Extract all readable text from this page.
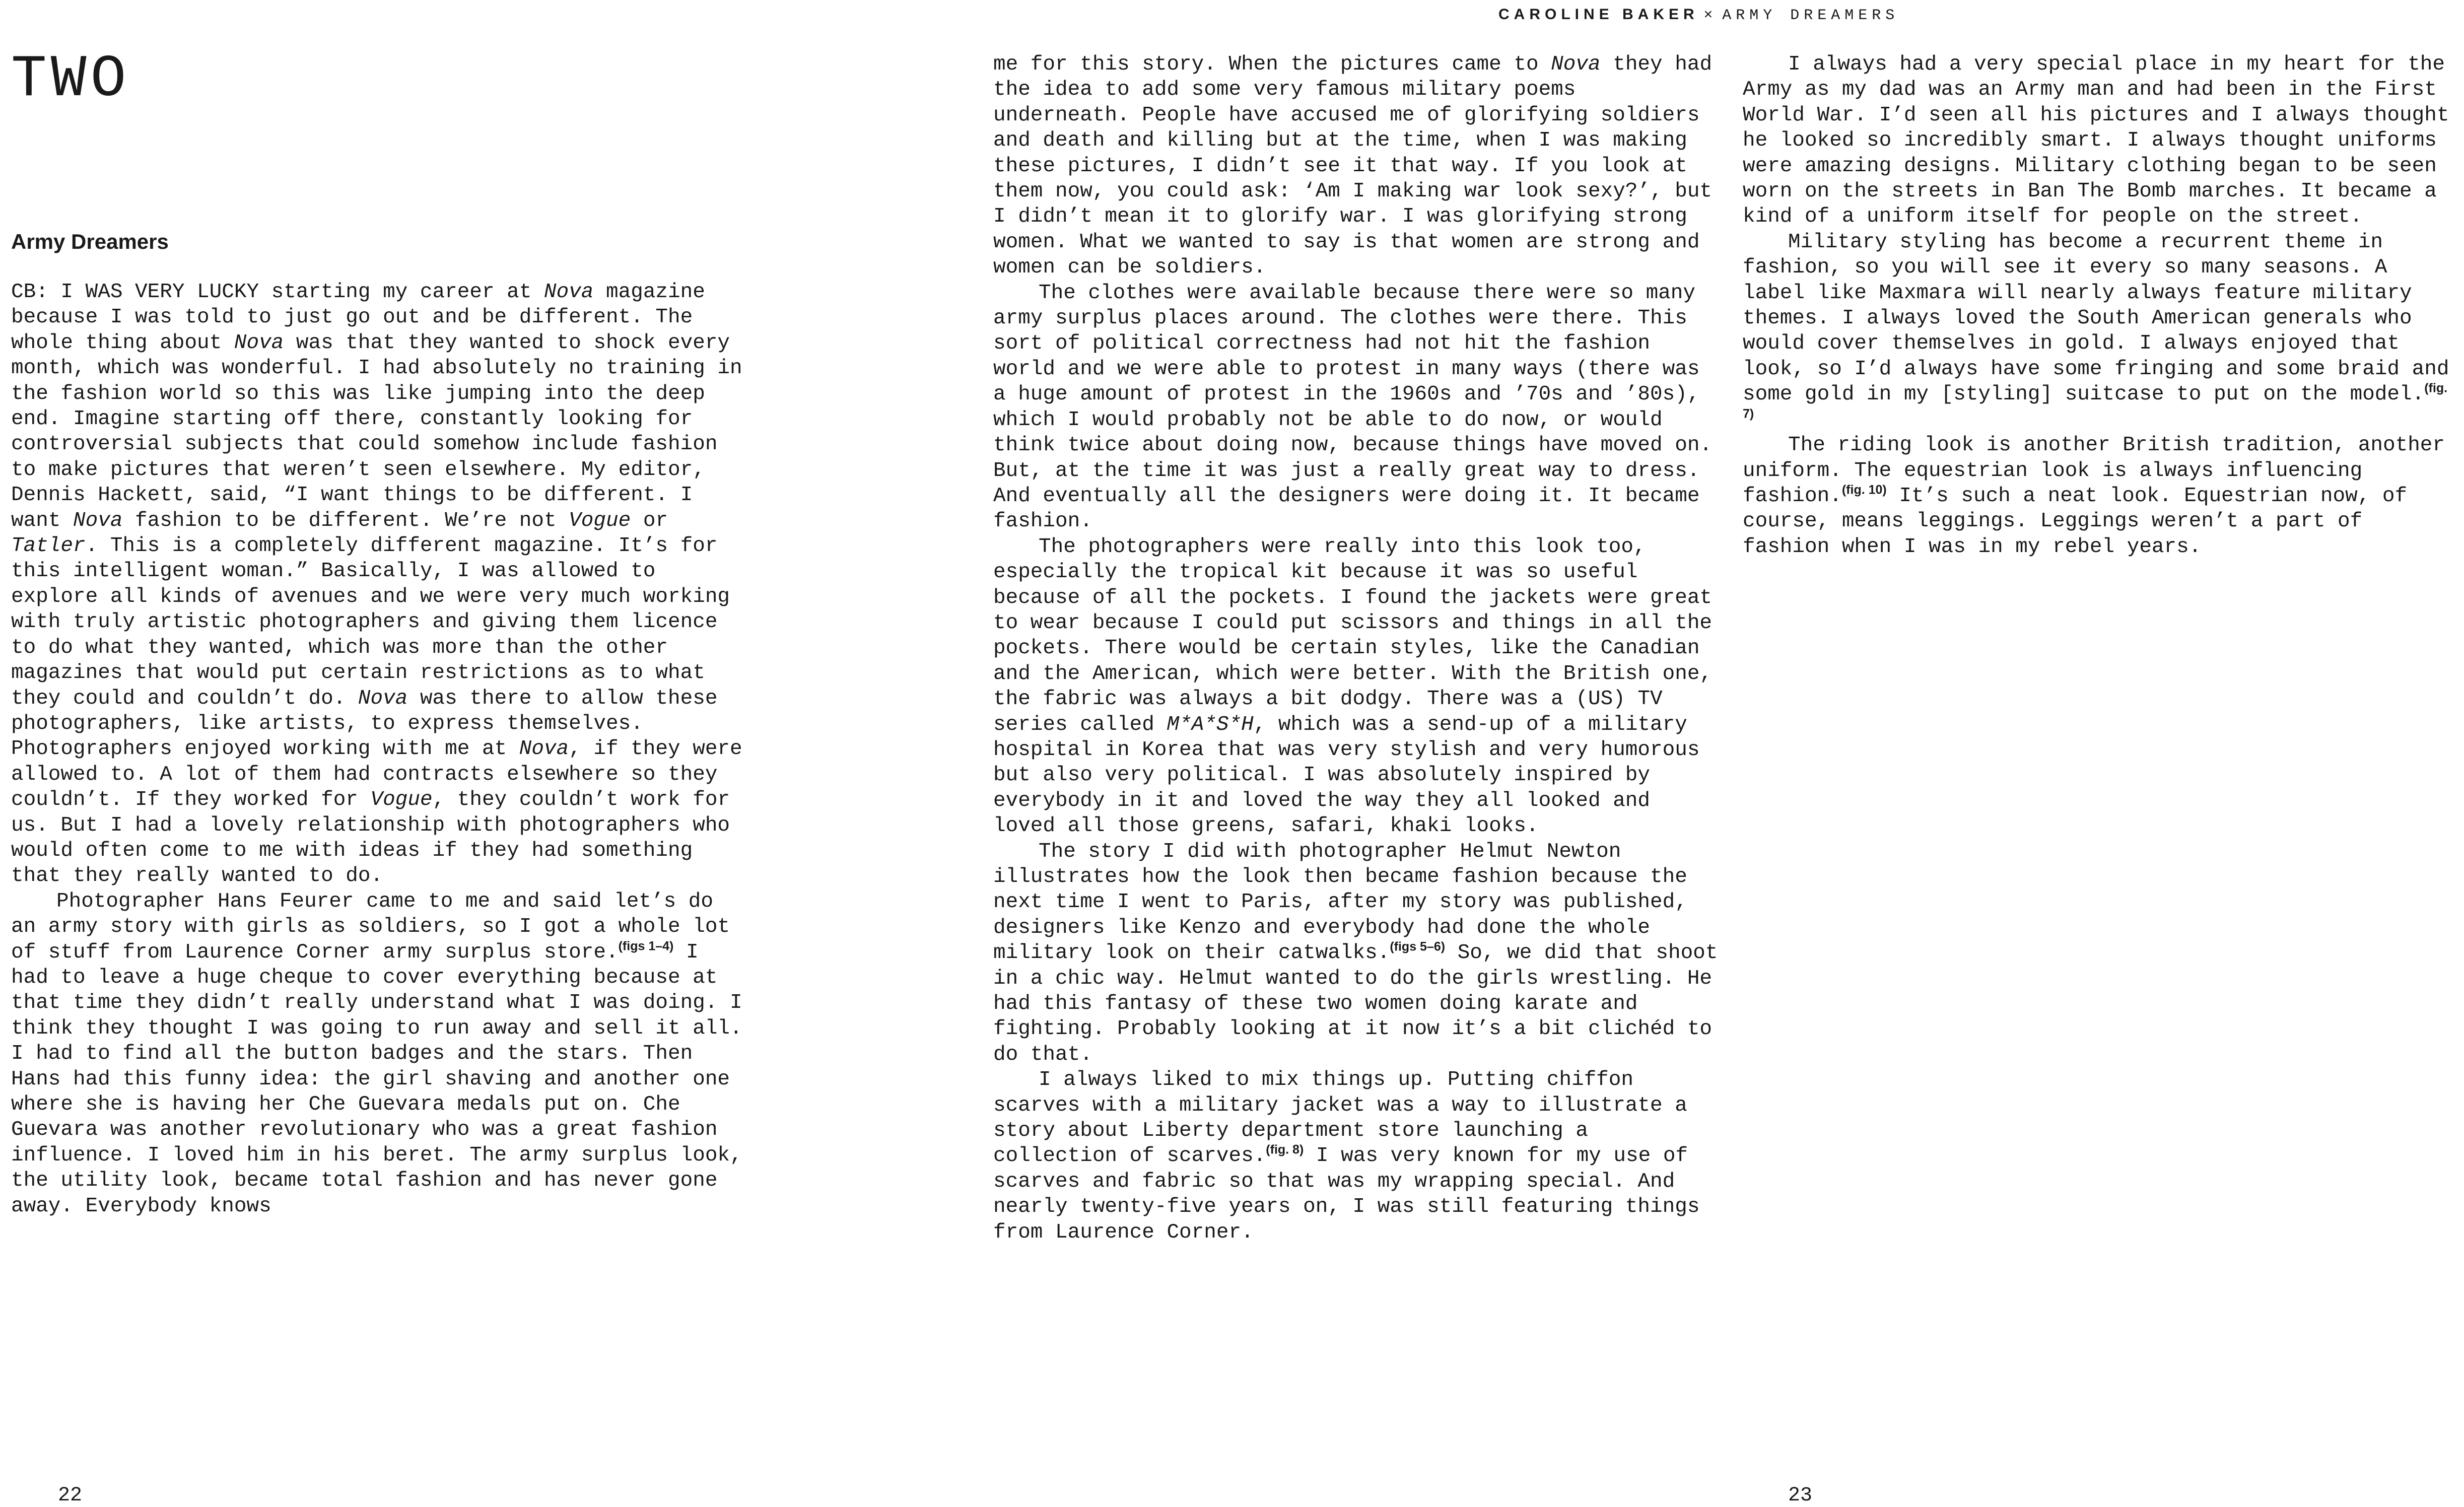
CAROLINE BAKER × ARMY DREAMERS
TWO
Army Dreamers

CB: I WAS VERY LUCKY starting my career at Nova magazine because I was told to just go out and be different. The whole thing about Nova was that they wanted to shock every month, which was wonderful. I had absolutely no training in the fashion world so this was like jumping into the deep end. Imagine starting off there, constantly looking for controversial subjects that could somehow include fashion to make pictures that weren’t seen elsewhere. My editor, Dennis Hackett, said, “I want things to be different. I want Nova fashion to be different. We’re not Vogue or Tatler. This is a completely different magazine. It’s for this intelligent woman.” Basically, I was allowed to explore all kinds of avenues and we were very much working with truly artistic photographers and giving them licence to do what they wanted, which was more than the other magazines that would put certain restrictions as to what they could and couldn’t do. Nova was there to allow these photographers, like artists, to express themselves. Photographers enjoyed working with me at Nova, if they were allowed to. A lot of them had contracts elsewhere so they couldn’t. If they worked for Vogue, they couldn’t work for us. But I had a lovely relationship with photographers who would often come to me with ideas if they had something that they really wanted to do.

Photographer Hans Feurer came to me and said let’s do an army story with girls as soldiers, so I got a whole lot of stuff from Laurence Corner army surplus store.$^{(figs 1-4)}$ I had to leave a huge cheque to cover everything because at that time they didn’t really understand what I was doing. I think they thought I was going to run away and sell it all. I had to find all the button badges and the stars. Then Hans had this funny idea: the girl shaving and another one where she is having her Che Guevara medals put on. Che Guevara was another revolutionary who was a great fashion influence. I loved him in his beret. The army surplus look, the utility look, became total fashion and has never gone away. Everybody knows

me for this story. When the pictures came to Nova they had the idea to add some very famous military poems underneath. People have accused me of glorifying soldiers and death and killing but at the time, when I was making these pictures, I didn’t see it that way. If you look at them now, you could ask: ‘Am I making war look sexy?’, but I didn’t mean it to glorify war. I was glorifying strong women. What we wanted to say is that women are strong and women can be soldiers.

The clothes were available because there were so many army surplus places around. The clothes were there. This sort of political correctness had not hit the fashion world and we were able to protest in many ways (there was a huge amount of protest in the 1960s and ’70s and ’80s), which I would probably not be able to do now, or would think twice about doing now, because things have moved on. But, at the time it was just a really great way to dress. And eventually all the designers were doing it. It became fashion.

The photographers were really into this look too, especially the tropical kit because it was so useful because of all the pockets. I found the jackets were great to wear because I could put scissors and things in all the pockets. There would be certain styles, like the Canadian and the American, which were better. With the British one, the fabric was always a bit dodgy. There was a (US) TV series called M*A*S*H, which was a send-up of a military hospital in Korea that was very stylish and very humorous but also very political. I was absolutely inspired by everybody in it and loved the way they all looked and loved all those greens, safari, khaki looks.

The story I did with photographer Helmut Newton illustrates how the look then became fashion because the next time I went to Paris, after my story was published, designers like Kenzo and everybody had done the whole military look on their catwalks.$^{(figs 5-6)}$ So, we did that shoot in a chic way. Helmut wanted to do the girls wrestling. He had this fantasy of these two women doing karate and fighting. Probably looking at it now it’s a bit clichéd to do that.

I always liked to mix things up. Putting chiffon scarves with a military jacket was a way to illustrate a story about Liberty department store launching a collection of scarves.$^{(fig. 8)}$ I was very known for my use of scarves and fabric so that was my wrapping special. And nearly twenty-five years on, I was still featuring things from Laurence Corner.

I always had a very special place in my heart for the Army as my dad was an Army man and had been in the First World War. I’d seen all his pictures and I always thought he looked so incredibly smart. I always thought uniforms were amazing designs. Military clothing began to be seen worn on the streets in Ban The Bomb marches. It became a kind of a uniform itself for people on the street.

Military styling has become a recurrent theme in fashion, so you will see it every so many seasons. A label like Maxmara will nearly always feature military themes. I always loved the South American generals who would cover themselves in gold. I always enjoyed that look, so I’d always have some fringing and some braid and some gold in my [styling] suitcase to put on the model.$^{(fig. 7)}$

The riding look is another British tradition, another uniform. The equestrian look is always influencing fashion.$^{(fig. 10)}$ It’s such a neat look. Equestrian now, of course, means leggings. Leggings weren’t a part of fashion when I was in my rebel years.

22	23
